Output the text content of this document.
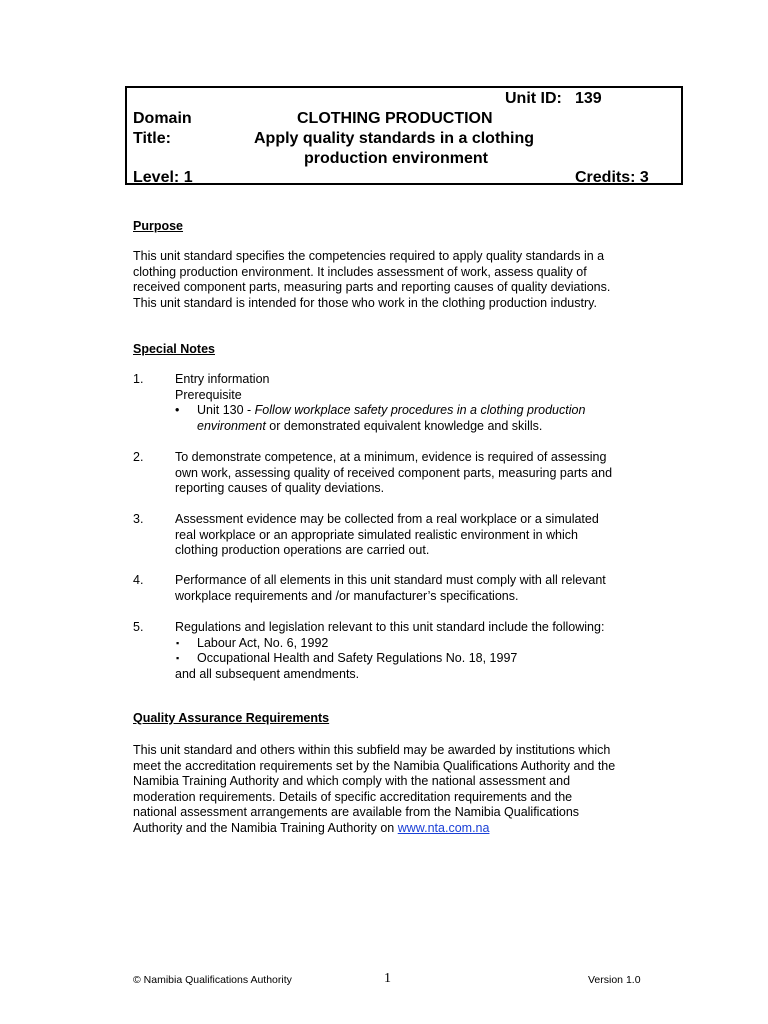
Unit ID: 139
Domain	CLOTHING PRODUCTION
Title:	Apply quality standards in a clothing
production environment
Level: 1	Credits: 3
Purpose
This unit standard specifies the competencies required to apply quality standards in a
clothing production environment. It includes assessment of work, assess quality of
received component parts, measuring parts and reporting causes of quality deviations.
This unit standard is intended for those who work in the clothing production industry.
Special Notes
1.	Entry information
Prerequisite
• Unit 130 - Follow workplace safety procedures in a clothing production
environment or demonstrated equivalent knowledge and skills.
2.	To demonstrate competence, at a minimum, evidence is required of assessing
own work, assessing quality of received component parts, measuring parts and
reporting causes of quality deviations.
3.	Assessment evidence may be collected from a real workplace or a simulated
real workplace or an appropriate simulated realistic environment in which
clothing production operations are carried out.
4.	Performance of all elements in this unit standard must comply with all relevant
workplace requirements and /or manufacturer’s specifications.
5.	Regulations and legislation relevant to this unit standard include the following:
▪ Labour Act, No. 6, 1992
▪ Occupational Health and Safety Regulations No. 18, 1997
and all subsequent amendments.
Quality Assurance Requirements
This unit standard and others within this subfield may be awarded by institutions which
meet the accreditation requirements set by the Namibia Qualifications Authority and the
Namibia Training Authority and which comply with the national assessment and
moderation requirements. Details of specific accreditation requirements and the
national assessment arrangements are available from the Namibia Qualifications
Authority and the Namibia Training Authority on www.nta.com.na
© Namibia Qualifications Authority	1	Version 1.0
